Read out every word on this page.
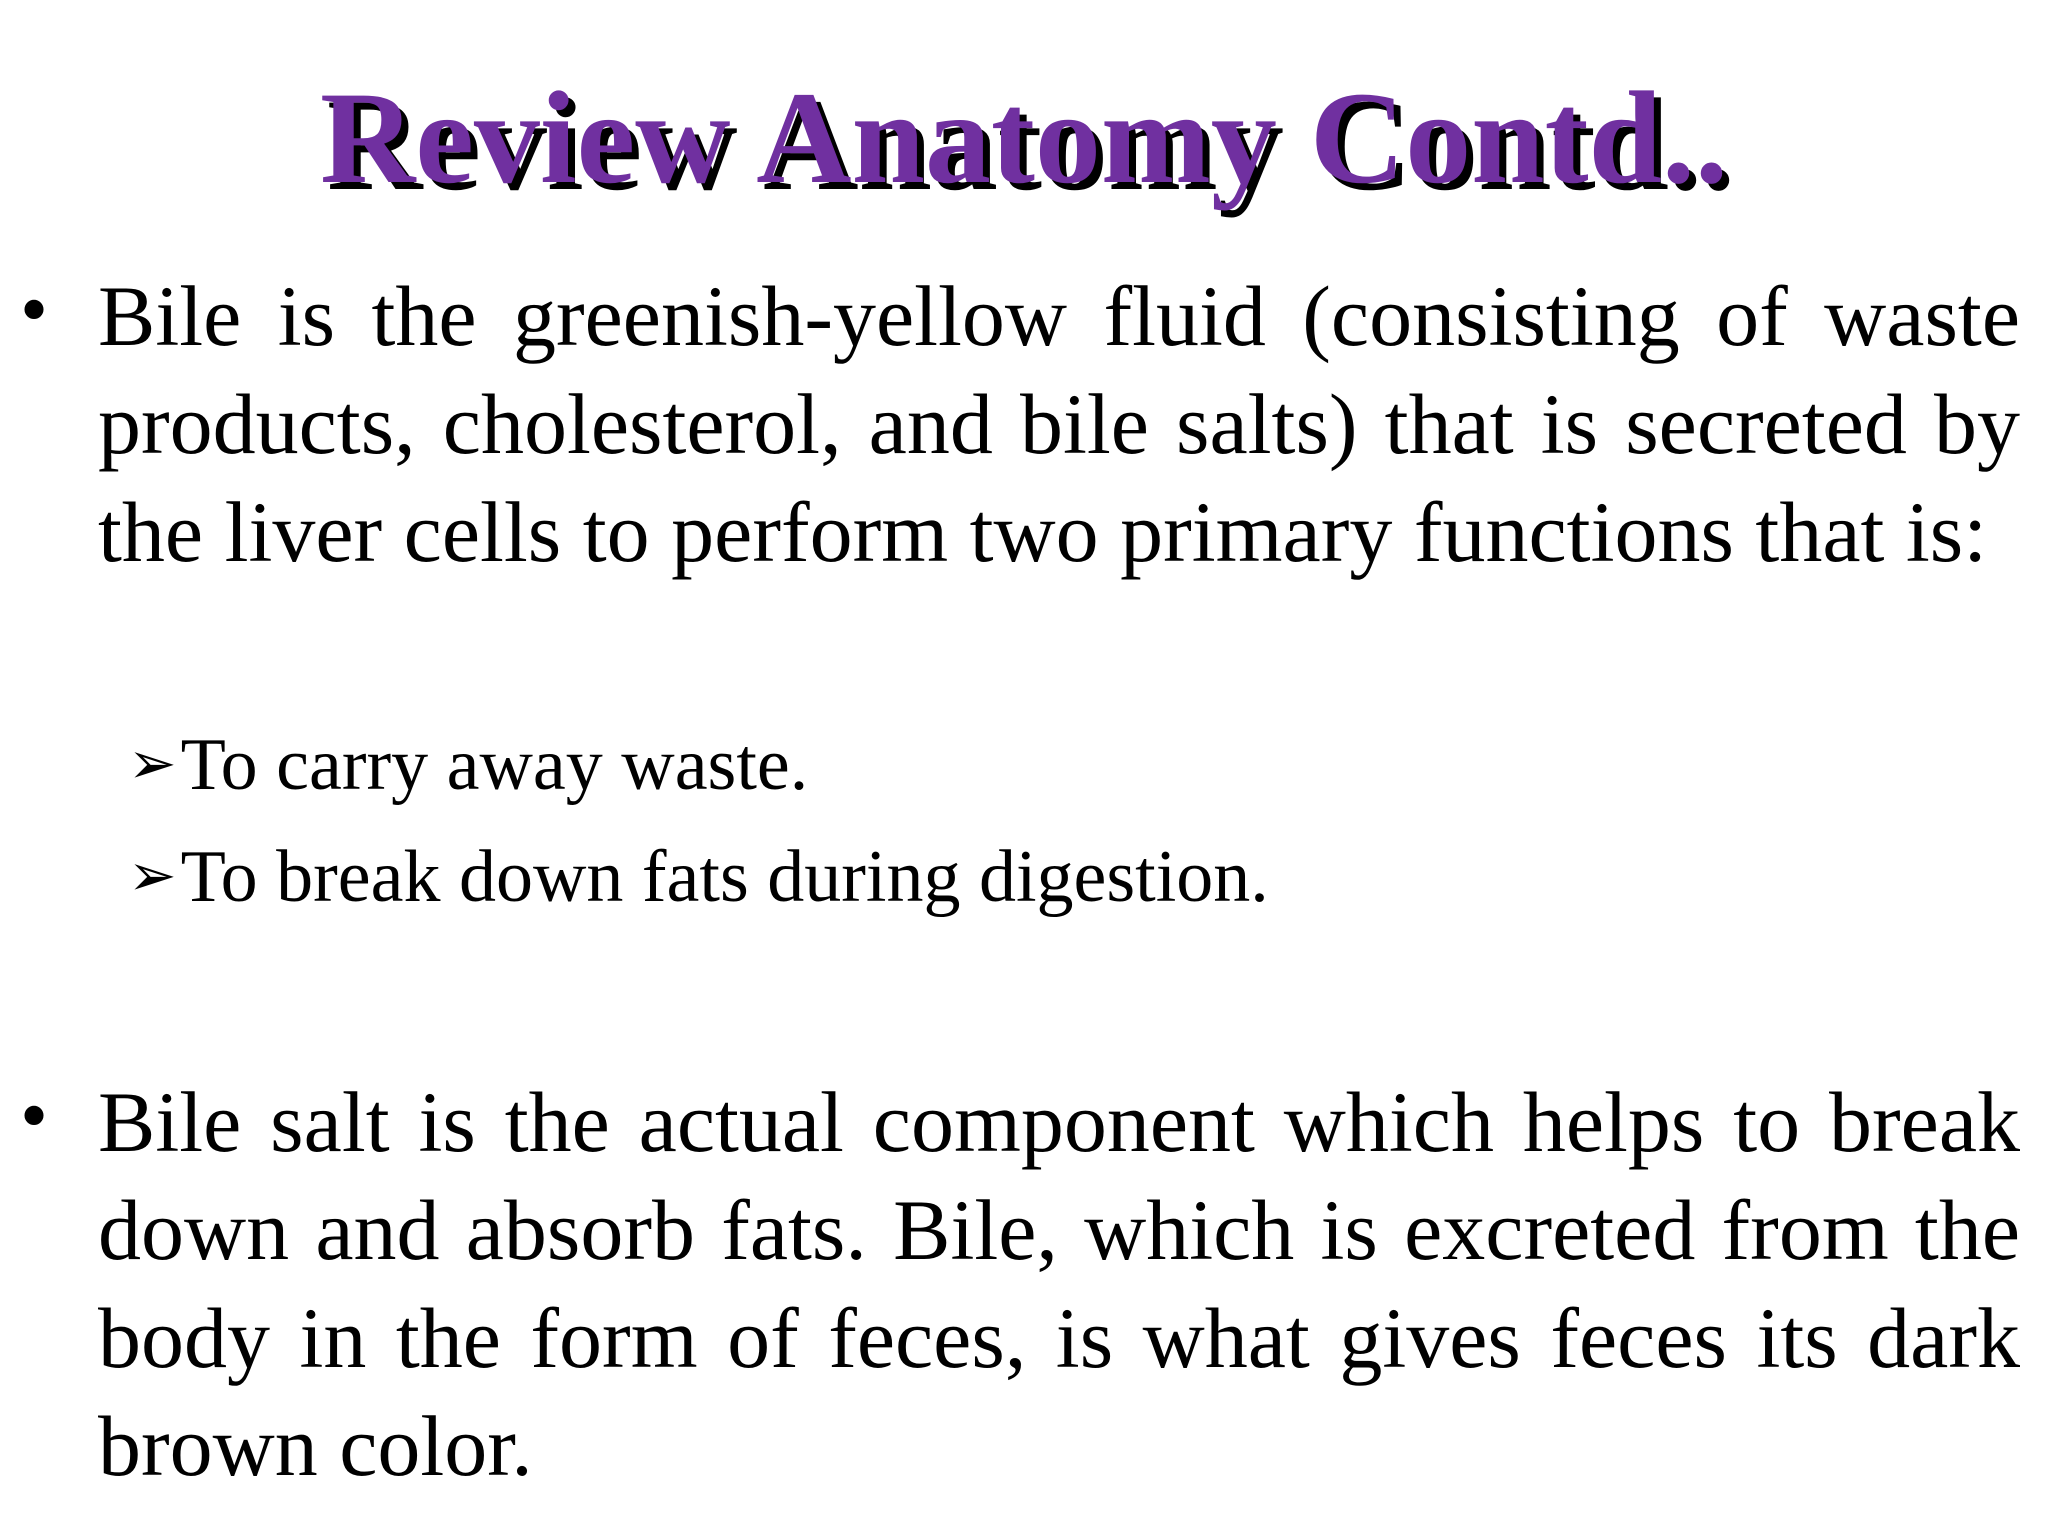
Review Anatomy Contd..
• Bile is the greenish-yellow fluid (consisting of waste products, cholesterol, and bile salts) that is secreted by the liver cells to perform two primary functions that is:

➢To carry away waste.
➢To break down fats during digestion.
• Bile salt is the actual component which helps to break down and absorb fats. Bile, which is excreted from the body in the form of feces, is what gives feces its dark brown color.
